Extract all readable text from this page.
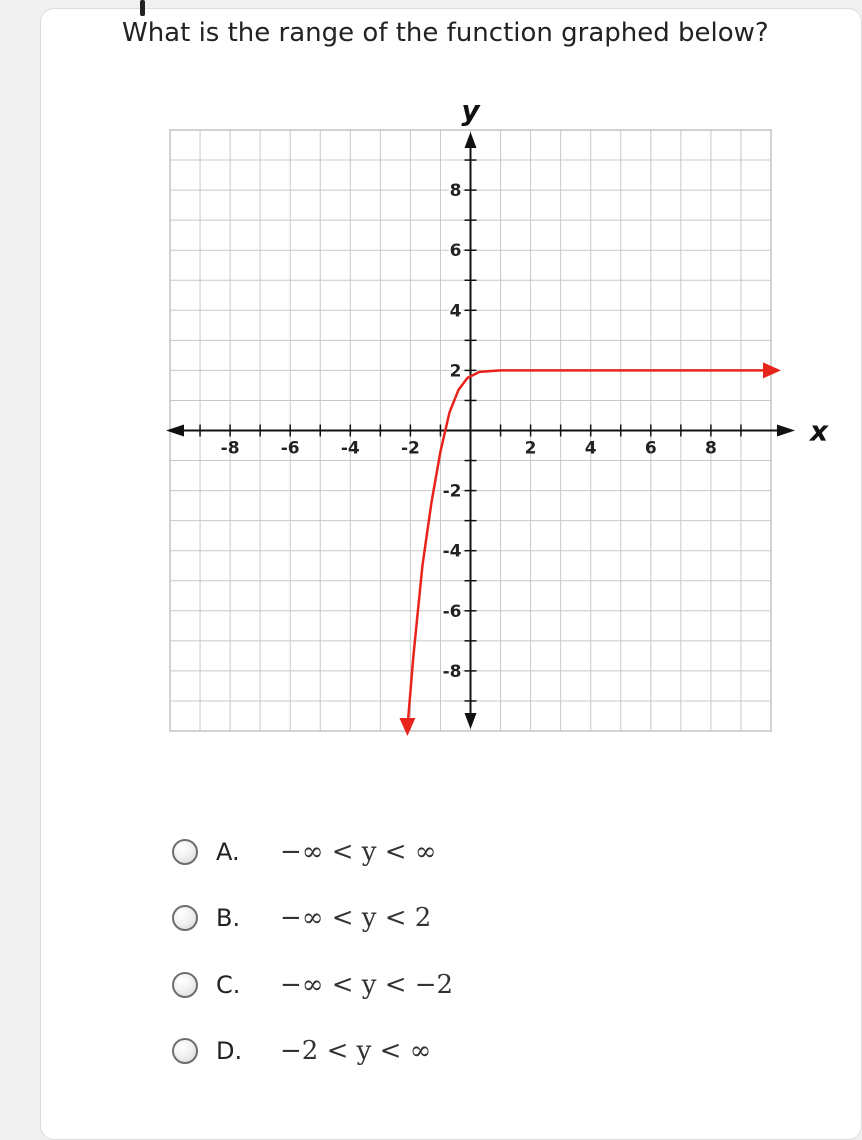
What is the range of the function graphed below?
-8 -6 -4 -2	2	4	6	8
8
6
4
2
-2
-4
-6
-8
x
y
A.	−∞ < y < ∞
B.	−∞ < y < 2
C.	−∞ < y < −2
D.	−2 < y < ∞
